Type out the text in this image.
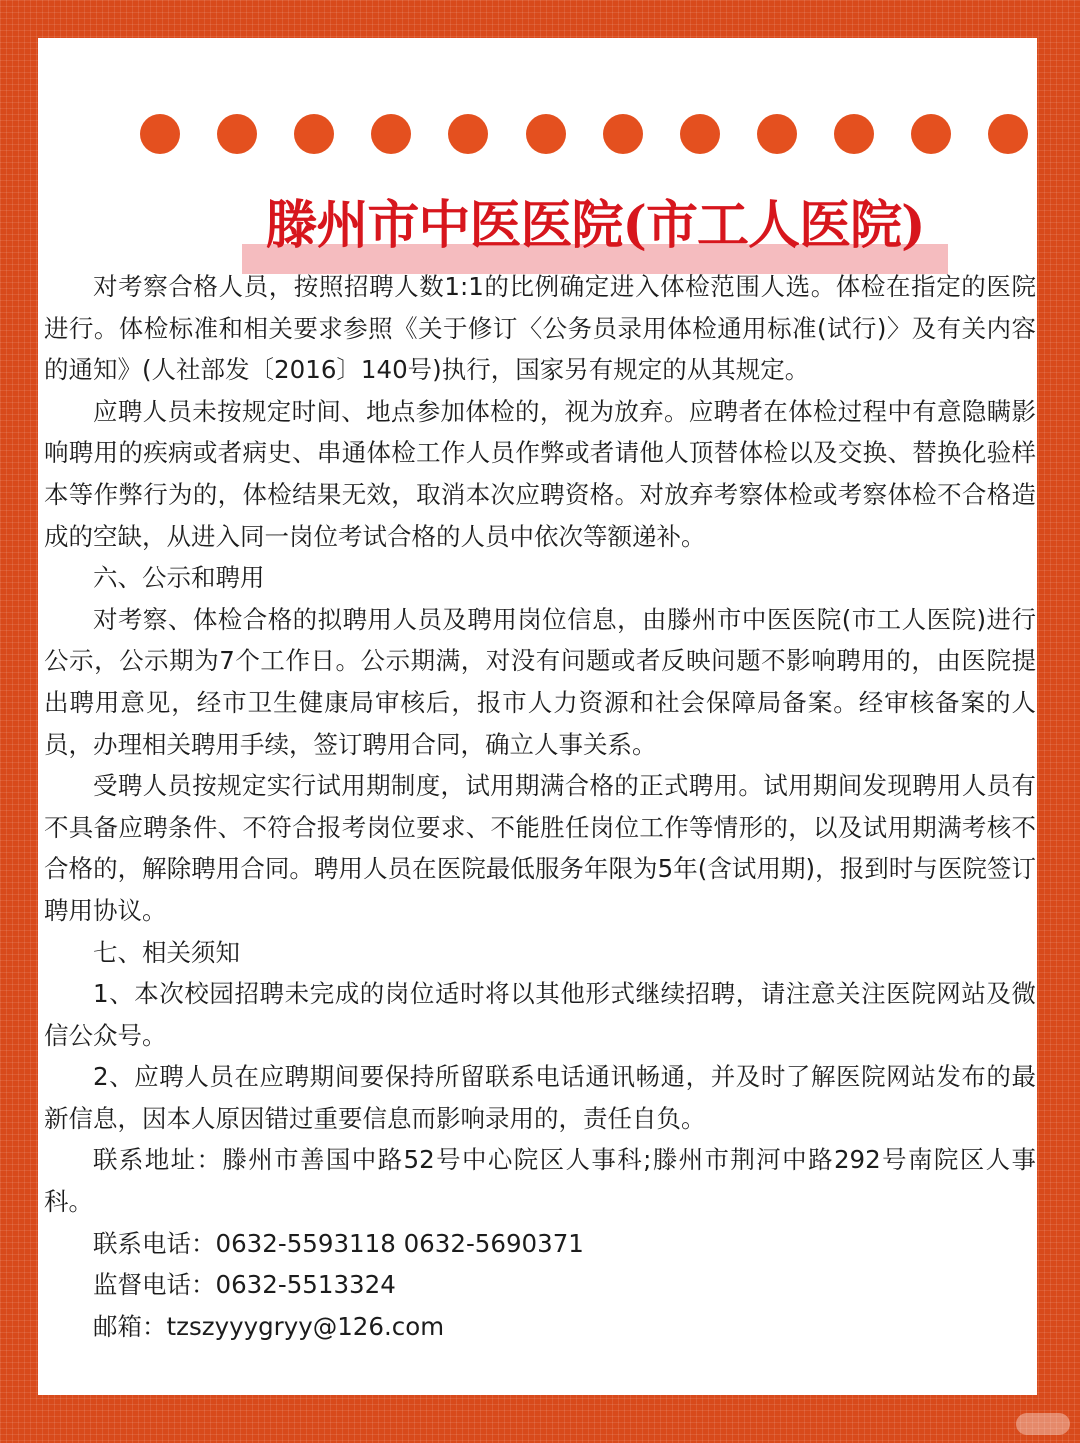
滕州市中医医院(市工人医院)

对考察合格人员，按照招聘人数1:1的比例确定进入体检范围人选。体检在指定的医院进行。体检标准和相关要求参照《关于修订〈公务员录用体检通用标准(试行)〉及有关内容的通知》(人社部发〔2016〕140号)执行，国家另有规定的从其规定。

应聘人员未按规定时间、地点参加体检的，视为放弃。应聘者在体检过程中有意隐瞒影响聘用的疾病或者病史、串通体检工作人员作弊或者请他人顶替体检以及交换、替换化验样本等作弊行为的，体检结果无效，取消本次应聘资格。对放弃考察体检或考察体检不合格造成的空缺，从进入同一岗位考试合格的人员中依次等额递补。

六、公示和聘用

对考察、体检合格的拟聘用人员及聘用岗位信息，由滕州市中医医院(市工人医院)进行公示，公示期为7个工作日。公示期满，对没有问题或者反映问题不影响聘用的，由医院提出聘用意见，经市卫生健康局审核后，报市人力资源和社会保障局备案。经审核备案的人员，办理相关聘用手续，签订聘用合同，确立人事关系。

受聘人员按规定实行试用期制度，试用期满合格的正式聘用。试用期间发现聘用人员有不具备应聘条件、不符合报考岗位要求、不能胜任岗位工作等情形的，以及试用期满考核不合格的，解除聘用合同。聘用人员在医院最低服务年限为5年(含试用期)，报到时与医院签订聘用协议。

七、相关须知

1、本次校园招聘未完成的岗位适时将以其他形式继续招聘，请注意关注医院网站及微信公众号。

2、应聘人员在应聘期间要保持所留联系电话通讯畅通，并及时了解医院网站发布的最新信息，因本人原因错过重要信息而影响录用的，责任自负。

联系地址：滕州市善国中路52号中心院区人事科;滕州市荆河中路292号南院区人事科。

联系电话：0632-5593118 0632-5690371

监督电话：0632-5513324

邮箱：tzszyyygryy@126.com
